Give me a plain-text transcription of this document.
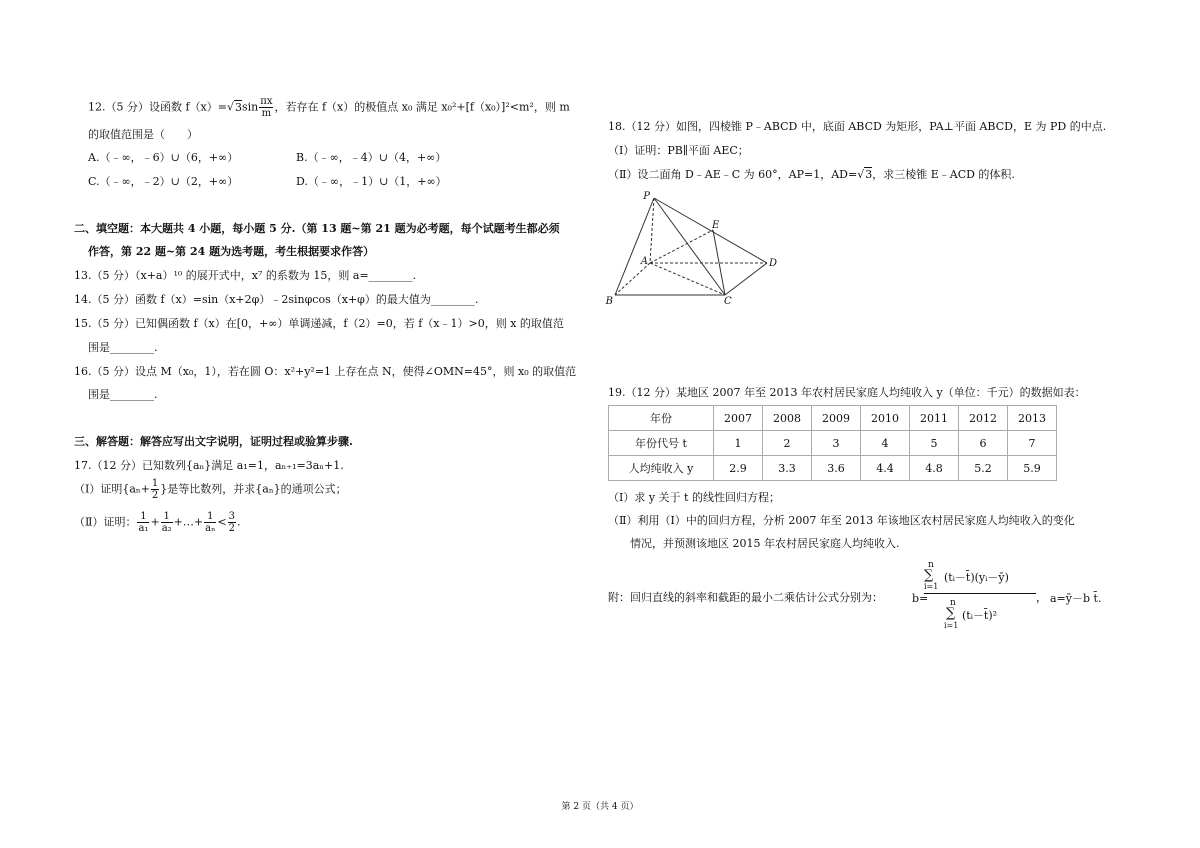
12.（5 分）设函数 $f(x)=√3\sin \frac{\pi x}{m}$ ，若存在 f（x）的极值点 x₀ 满足 x₀²+[f（x₀）]²<m²，则 m
的取值范围是（　　）
A.（﹣∞，﹣6）∪（6，+∞）	B.（﹣∞，﹣4）∪（4，+∞）
C.（﹣∞，﹣2）∪（2，+∞）	D.（﹣∞，﹣1）∪（1，+∞）
二、填空题：本大题共 4 小题，每小题 5 分.（第 13 题~第 21 题为必考题，每个试题考生都必须
作答，第 22 题~第 24 题为选考题，考生根据要求作答）
13.（5 分）（x+a）¹⁰ 的展开式中，x⁷ 的系数为 15，则 a=________.
14.（5 分）函数 f（x）=sin（x+2φ）﹣2sinφcos（x+φ）的最大值为________.
15.（5 分）已知偶函数 f（x）在[0，+∞）单调递减，f（2）=0，若 f（x﹣1）>0，则 x 的取值范
围是________.
16.（5 分）设点 M（x₀，1），若在圆 O：x²+y²=1 上存在点 N，使得∠OMN=45°，则 x₀ 的取值范
围是________.
三、解答题：解答应写出文字说明，证明过程或验算步骤.
17.（12 分）已知数列{aₙ}满足 a₁=1，aₙ₊₁=3aₙ+1.
（Ⅰ）证明{$a_n+ \frac{1}{2}$ }是等比数列，并求{aₙ}的通项公式；
（Ⅱ）证明： $\frac{1}{\text{a₁}} + \frac{1}{\text{a₂}}$ +…+ $\frac{1}{\text{aₙ}} < \frac{3}{2}$ .
18.（12 分）如图，四棱锥 P﹣ABCD 中，底面 ABCD 为矩形，PA⊥平面 ABCD，E 为 PD 的中点.
（Ⅰ）证明：PB∥平面 AEC；
（Ⅱ）设二面角 D﹣AE﹣C 为 60°，AP=1，AD=√3，求三棱锥 E﹣ACD 的体积.
P
E
A	D
B	C
19.（12 分）某地区 2007 年至 2013 年农村居民家庭人均纯收入 y（单位：千元）的数据如表：
年份	2007	2008	2009	2010	2011	2012	2013
年份代号 t	1	2	3	4	5	6	7
人均纯收入 y	2.9	3.3	3.6	4.4	4.8	5.2	5.9
（Ⅰ）求 y 关于 t 的线性回归方程；
（Ⅱ）利用（Ⅰ）中的回归方程，分析 2007 年至 2013 年该地区农村居民家庭人均纯收入的变化
情况，并预测该地区 2015 年农村居民家庭人均纯收入.
附：回归直线的斜率和截距的最小二乘估计公式分别为：	b=
n
∑
i=1
(tᵢ－t̄)(yᵢ－ȳ)
， a=ȳ－b t̄.
n
∑
i=1
(tᵢ－t̄)²
第 2 页（共 4 页）
